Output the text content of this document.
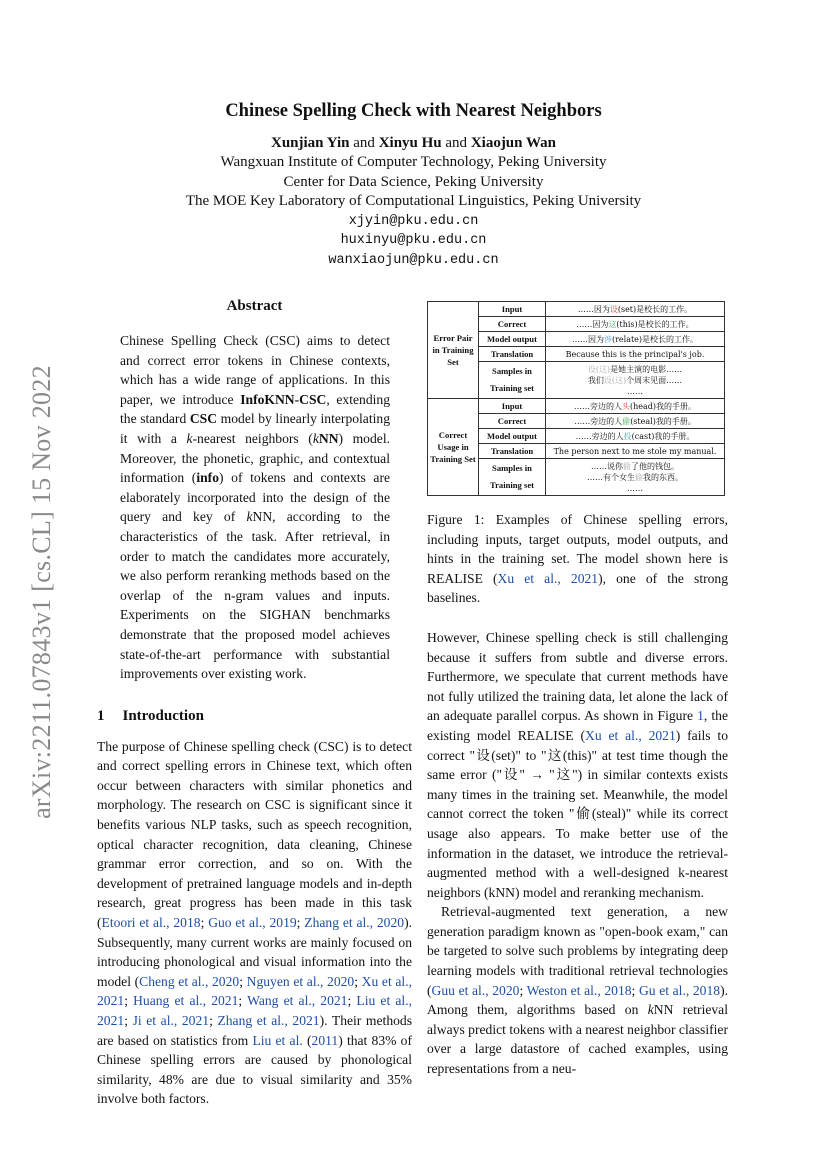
arXiv:2211.07843v1 [cs.CL] 15 Nov 2022
Chinese Spelling Check with Nearest Neighbors
Xunjian Yin and Xinyu Hu and Xiaojun Wan
Wangxuan Institute of Computer Technology, Peking University
Center for Data Science, Peking University
The MOE Key Laboratory of Computational Linguistics, Peking University
xjyin@pku.edu.cn
huxinyu@pku.edu.cn
wanxiaojun@pku.edu.cn
Abstract

Chinese Spelling Check (CSC) aims to detect and correct error tokens in Chinese contexts, which has a wide range of applications. In this paper, we introduce InfoKNN-CSC, extending the standard CSC model by linearly interpolating it with a k-nearest neighbors (kNN) model. Moreover, the phonetic, graphic, and contextual information (info) of tokens and contexts are elaborately incorporated into the design of the query and key of kNN, according to the characteristics of the task. After retrieval, in order to match the candidates more accurately, we also perform reranking methods based on the overlap of the n-gram values and inputs. Experiments on the SIGHAN benchmarks demonstrate that the proposed model achieves state-of-the-art performance with substantial improvements over existing work.

1 Introduction

The purpose of Chinese spelling check (CSC) is to detect and correct spelling errors in Chinese text, which often occur between characters with similar phonetics and morphology. The research on CSC is significant since it benefits various NLP tasks, such as speech recognition, optical character recognition, data cleaning, Chinese grammar error correction, and so on. With the development of pretrained language models and in-depth research, great progress has been made in this task (Etoori et al., 2018; Guo et al., 2019; Zhang et al., 2020). Subsequently, many current works are mainly focused on introducing phonological and visual information into the model (Cheng et al., 2020; Nguyen et al., 2020; Xu et al., 2021; Huang et al., 2021; Wang et al., 2021; Liu et al., 2021; Ji et al., 2021; Zhang et al., 2021). Their methods are based on statistics from Liu et al. (2011) that 83% of Chinese spelling errors are caused by phonological similarity, 48% are due to visual similarity and 35% involve both factors.

Error Pair in Training Set	Input	……因为设(set)是校长的工作。
	Correct	……因为这(this)是校长的工作。
	Model output	……因为涉(relate)是校长的工作。
	Translation	Because this is the principal's job.
	Samples in Training set	设(这)是她主演的电影……
我们设(这)个周末见面……
……
Correct Usage in Training Set	Input	……旁边的人头(head)我的手册。
	Correct	……旁边的人偷(steal)我的手册。
	Model output	……旁边的人投(cast)我的手册。
	Translation	The person next to me stole my manual.
	Samples in Training set	……说你偷了他的钱包。
……有个女生偷我的东西。
……

Figure 1: Examples of Chinese spelling errors, including inputs, target outputs, model outputs, and hints in the training set. The model shown here is REALISE (Xu et al., 2021), one of the strong baselines.

However, Chinese spelling check is still challenging because it suffers from subtle and diverse errors. Furthermore, we speculate that current methods have not fully utilized the training data, let alone the lack of an adequate parallel corpus. As shown in Figure 1, the existing model REALISE (Xu et al., 2021) fails to correct "设(set)" to "这(this)" at test time though the same error ("设" → "这") in similar contexts exists many times in the training set. Meanwhile, the model cannot correct the token "偷(steal)" while its correct usage also appears. To make better use of the information in the dataset, we introduce the retrieval-augmented method with a well-designed k-nearest neighbors (kNN) model and reranking mechanism.

Retrieval-augmented text generation, a new generation paradigm known as "open-book exam," can be targeted to solve such problems by integrating deep learning models with traditional retrieval technologies (Guu et al., 2020; Weston et al., 2018; Gu et al., 2018). Among them, algorithms based on kNN retrieval always predict tokens with a nearest neighbor classifier over a large datastore of cached examples, using representations from a neu-
